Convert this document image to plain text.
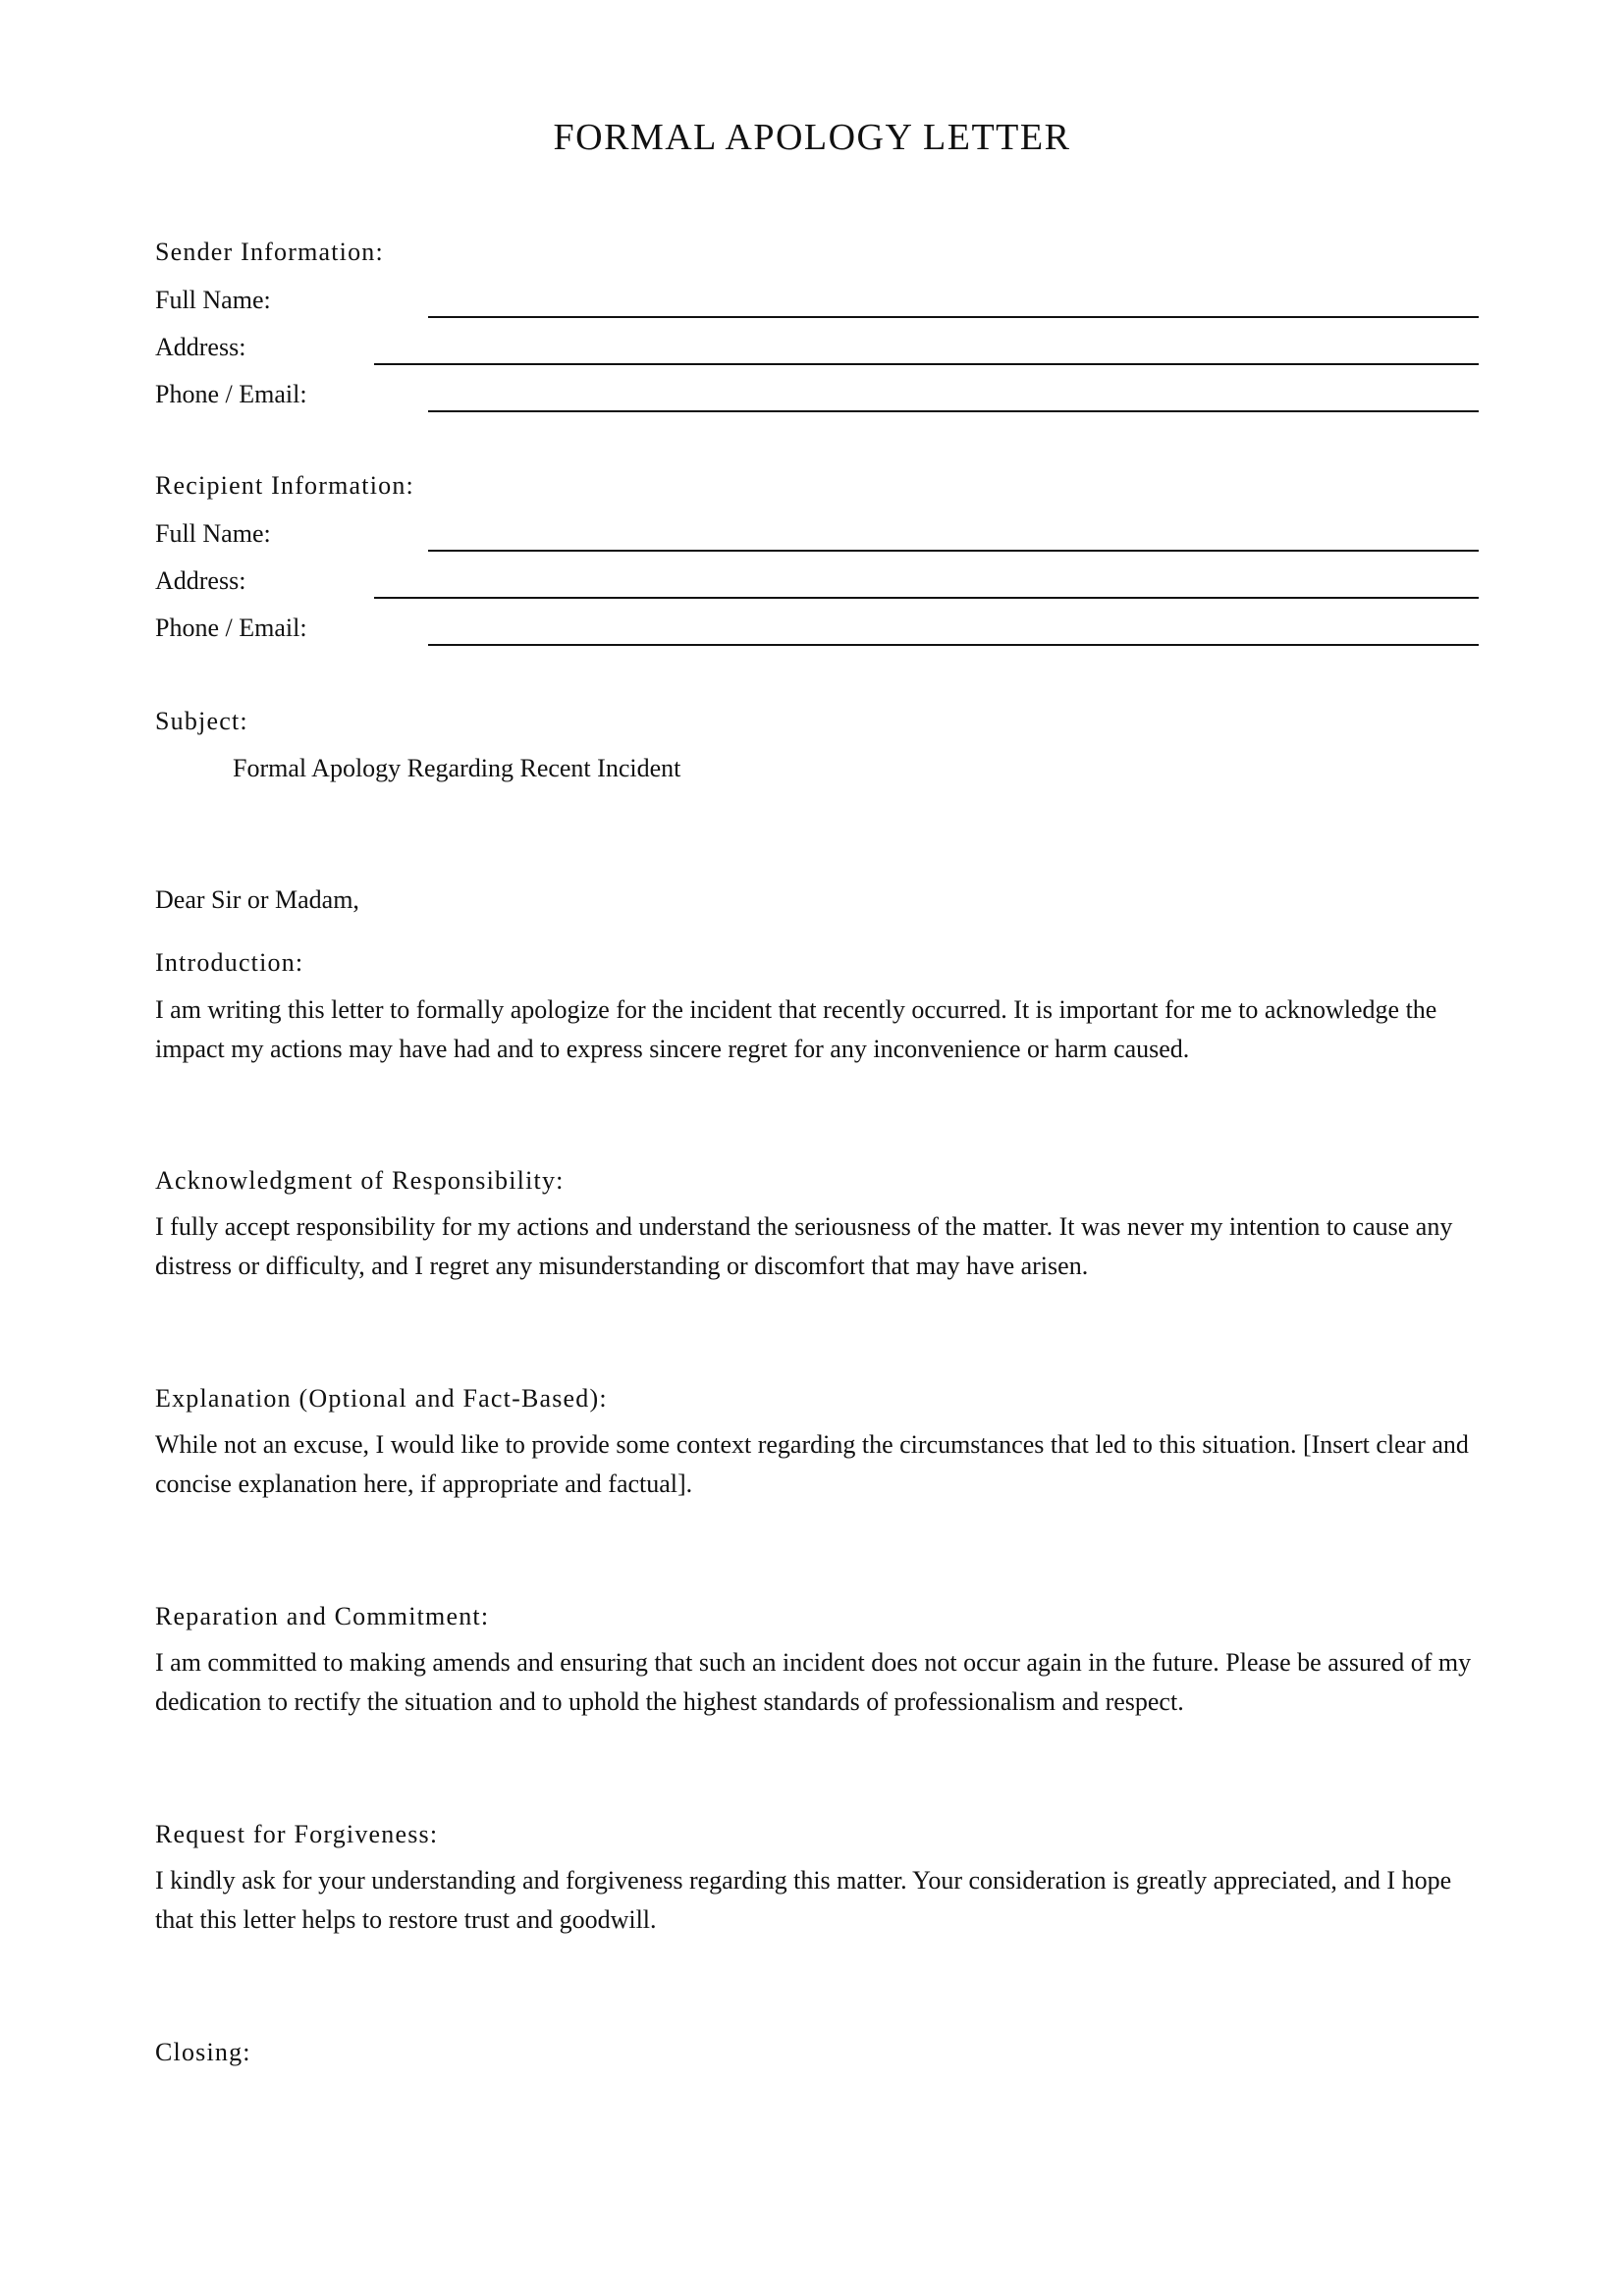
FORMAL APOLOGY LETTER
Sender Information:
Full Name:
Address:
Phone / Email:
Recipient Information:
Full Name:
Address:
Phone / Email:
Subject:
Formal Apology Regarding Recent Incident
Dear Sir or Madam,
Introduction:
I am writing this letter to formally apologize for the incident that recently occurred. It is important for me to acknowledge the impact my actions may have had and to express sincere regret for any inconvenience or harm caused.
Acknowledgment of Responsibility:
I fully accept responsibility for my actions and understand the seriousness of the matter. It was never my intention to cause any distress or difficulty, and I regret any misunderstanding or discomfort that may have arisen.
Explanation (Optional and Fact-Based):
While not an excuse, I would like to provide some context regarding the circumstances that led to this situation. [Insert clear and concise explanation here, if appropriate and factual].
Reparation and Commitment:
I am committed to making amends and ensuring that such an incident does not occur again in the future. Please be assured of my dedication to rectify the situation and to uphold the highest standards of professionalism and respect.
Request for Forgiveness:
I kindly ask for your understanding and forgiveness regarding this matter. Your consideration is greatly appreciated, and I hope that this letter helps to restore trust and goodwill.
Closing:
